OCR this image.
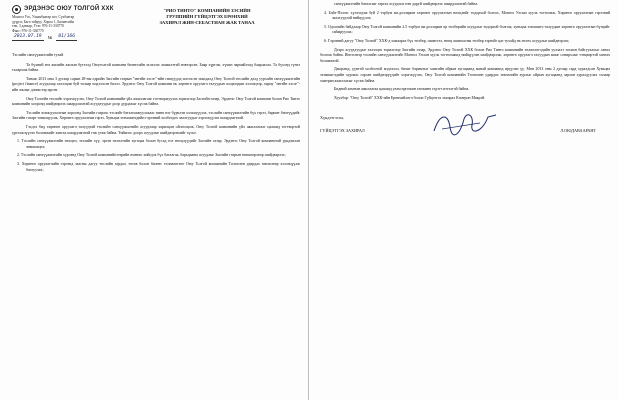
ЭРДЭНЭС ОЮУ ТОЛГОЙ ХХК
Монгол Улс, Улаанбаатар хот, Сүхбаатар
дүүрэг, Бага тойруу, Хороо 1, Бизнесийн
төв, 3 давхар, Утас 976-11-330770
Факс: 976-11-330770
2013.07.19	№	01/166
"РИО ТИНТО" КОМПАНИЙН ЗЭСИЙН
ГРУППИЙН ГҮЙЦЭТГЭХ ЕРӨНХИЙ
ЗАХИРАЛ ЖИН-СЕБАСТИАН ЖАК ТАНАА
Тэслийн санхүүжилтийн тухай
Та бүхний энэ жилийн ажлын бүтээлд Оюутолгой компани бизнесийн эхлэлээс амжилттай нэвтэрсэн. Баяр хүргэж, хүчин чармайлтад баярлалаа. Та бүхэнд гүнээ талархаж байна.
Танаас 2013 оны 3 дугаар сарын 28-ны өдрийн Засгийн газрын "эвтэйн хэсэг"-ийн гишүүдэд илгээсэн захидалд Оюу Толгой төслийн далд уурхайн санхүүжилтийн (project finance) асуудлаар хэлэлцэж буй талаар мэдээлсэн билээ. Эрдэнэс Оюу Толгой компани нь хөрөнгө оруулагч талуудын хоорондын хэлэлцээр, хариу "эвтэйн хэсэг"-ийн ажлыг дэмжсээр ирсэн.
Оюу Толгойн төслийг хэрэгжүүлэх, Оюу Толгой компанийн үйл ажиллагааг тогтворжуулах зорилгоор Засгийн газар, Эрдэнэс Оюу Толгой компани болон Рио Тинто компанийн хооронд шийдвэрлэх шаардлагатай асуудлуудыг доор дурдахыг хүсэж байна.
Тэслийн зохицуулалтын хороонд Засгийн газраас тэслийг баталгаажуулахаас өмнө нэг бүрчлэн хэлэлцүүлэх, тэслийн санхүүжилтийн бүх гэрээ, баримт бичгүүдийг Засгийн газарт танилцуулж, Хөрөнгө оруулалтын гэрээ, Хувьцаа эзэмшигчдийн гэрээний холбогдох заалтуудыг хэрэгжүүлэх шаардлагатай.
Гэхдээ бид хөрөнгө оруулагч талуудтай төслийн санхүүжилтийн асуудлаар харилцан ойлголцож, Оюу Толгой компанийн үйл ажиллагааг цаашид тогтвортой үргэлжлүүлэх боломжийг хангах шаардлагатай гэж үзэж байна. Тиймээс доорх асуудлыг шийдвэрлэхийг хүсье.
1. Тэслийн санхүүжилтийн нөхцөл, зээлийн хүү, эргэн төлөлтийн хугацаа болон бусад гол нөхцлүүдийг Засгийн газар, Эрдэнэс Оюу Толгой компанитай урьдчилан зөвшилцөх;
2. Тэслийн санхүүжилтийн хүрээнд Оюу Толгой компанийн нэрийн өмнөөс хийгдэх бүх баталгаа, барьцааны асуудлыг Засгийн газрын зөвшөөрлөөр шийдвэрлэх;
3. Хөрөнгө оруулагчийн гэрээнд заасны дагуу төслийн зардал, төсөв болон бизнес төлөвлөгөөг Оюу Толгой компанийн Төлөөлөн удирдах зөвлөлөөр хэлэлцүүлж батлуулах;
санхүүжилтийн баталгааг гаргах асуудлыг нэн даруй шийдвэрлэх шаардлагатай байна.
4. Бэйз-Пэлээс хүлээгдэж буй 2 тэрбум ам.долларын хөрөнгө оруулалтын нөхцлийг тодорхой болгох, Монгол Улсын хууль тогтоомж, Хөрөнгө оруулалтын гэрээний заалтуудтай нийцүүлэх;
5. Одоогийн байдлаар Оюу Толгой компанийн 2.5 тэрбум ам.долларын өр төлбөрийн асуудлыг тодорхой болгож, хувьцаа эзэмшигч талуудын хөрөнгө оруулалтын бүтцийг сайжруулах;
6. Гэрээний дагуу "Оюу Толгой" ХХК-д хамаарах бүх төлбөр, шимтгэл, нөөц ашигласны төлбөр зэргийг цаг тухайд нь төлөх асуудлыг шийдвэрлэх;
Дээрх асуудлуудыг хэлэлцэх зорилгоор Засгийн газар, Эрдэнэс Оюу Толгой ХХК болон Рио Тинто компанийн төлөөлөгчдийн уулзалт зохион байгуулахыг санал болгож байна. Ингэснээр тэслийн санхүүжилтийг Монгол Улсын хууль тогтоомжид нийцүүлэн шийдвэрлэж, хөрөнгө оруулагч талуудын ашиг сонирхлыг тэнцвэртэй хангах боломжтой.
Дашрамд, үүнтэй холбоотой мэдээлэл, бичиг баримтыг хамгийн ойрын хугацаанд манай компанид ирүүлнэ үү. Мөн 2013 оны 2 дугаар сард хуралдсан Хувьцаа эзэмшигчдийн хурлаас гарсан шийдвэрүүдийг хэрэгжүүлэх, Оюу Толгой компанийн Төлөөлөн удирдах зөвлөлийн хурлыг ойрын хугацаанд зарлан хуралдуулах талаар хамтран ажиллахыг хүсэж байна.
Бидний хамтын ажиллагаа цаашид улам өргөжин хөгжинө гэдэгт итгэлтэй байна.
Хуулбар: "Оюу Толгой" ХХК-ийн Ерөнхийлөгч болон Гүйцэтгэх захирал Кэмерон Макрэй.
Хүндэтгэсэн,
ГҮЙЦЭТГЭХ ЗАХИРАЛ	Л.ОЮДАВААРАНТ
